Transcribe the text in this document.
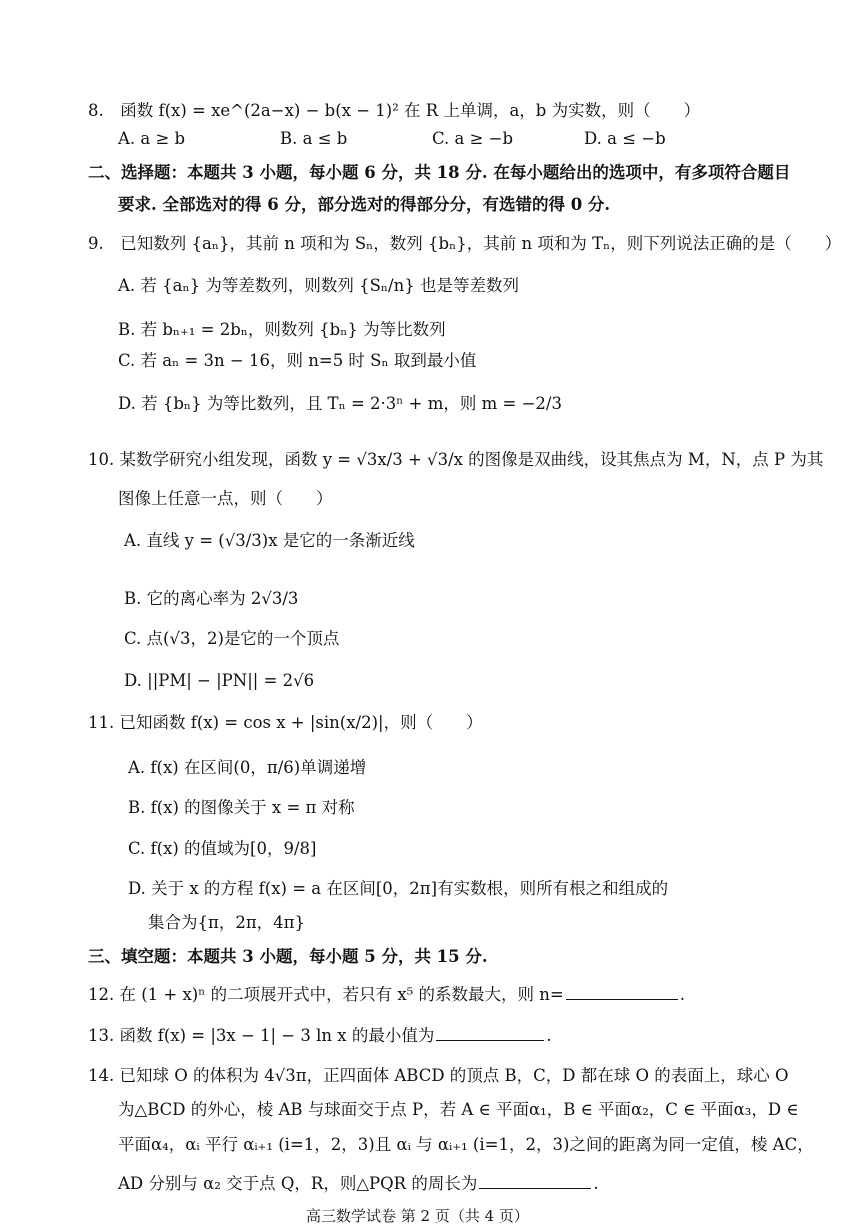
8.　函数 f(x) = xe^(2a−x) − b(x − 1)² 在 R 上单调，a，b 为实数，则（　　）
A. a ≥ b	B. a ≤ b	C. a ≥ −b	D. a ≤ −b
二、选择题：本题共 3 小题，每小题 6 分，共 18 分. 在每小题给出的选项中，有多项符合题目
要求. 全部选对的得 6 分，部分选对的得部分分，有选错的得 0 分.
9.　已知数列 {aₙ}，其前 n 项和为 Sₙ，数列 {bₙ}，其前 n 项和为 Tₙ，则下列说法正确的是（　　）
A. 若 {aₙ} 为等差数列，则数列 {Sₙ/n} 也是等差数列
B. 若 bₙ₊₁ = 2bₙ，则数列 {bₙ} 为等比数列
C. 若 aₙ = 3n − 16，则 n=5 时 Sₙ 取到最小值
D. 若 {bₙ} 为等比数列，且 Tₙ = 2·3ⁿ + m，则 m = −2/3
10. 某数学研究小组发现，函数 y = √3x/3 + √3/x 的图像是双曲线，设其焦点为 M，N，点 P 为其
图像上任意一点，则（　　）
A. 直线 y = (√3/3)x 是它的一条渐近线
B. 它的离心率为 2√3/3
C. 点(√3，2)是它的一个顶点
D. ||PM| − |PN|| = 2√6
11. 已知函数 f(x) = cos x + |sin(x/2)|，则（　　）
A. f(x) 在区间(0，π/6)单调递增
B. f(x) 的图像关于 x = π 对称
C. f(x) 的值域为[0，9/8]
D. 关于 x 的方程 f(x) = a 在区间[0，2π]有实数根，则所有根之和组成的
集合为{π，2π，4π}
三、填空题：本题共 3 小题，每小题 5 分，共 15 分.
12. 在 (1 + x)ⁿ 的二项展开式中，若只有 x⁵ 的系数最大，则 n=	.
13. 函数 f(x) = |3x − 1| − 3 ln x 的最小值为	.
14. 已知球 O 的体积为 4√3π，正四面体 ABCD 的顶点 B，C，D 都在球 O 的表面上，球心 O
为△BCD 的外心，棱 AB 与球面交于点 P，若 A ∈ 平面α₁，B ∈ 平面α₂，C ∈ 平面α₃，D ∈
平面α₄，αᵢ 平行 αᵢ₊₁ (i=1，2，3)且 αᵢ 与 αᵢ₊₁ (i=1，2，3)之间的距离为同一定值，棱 AC，
AD 分别与 α₂ 交于点 Q，R，则△PQR 的周长为	.
高三数学试卷 第 2 页（共 4 页）
